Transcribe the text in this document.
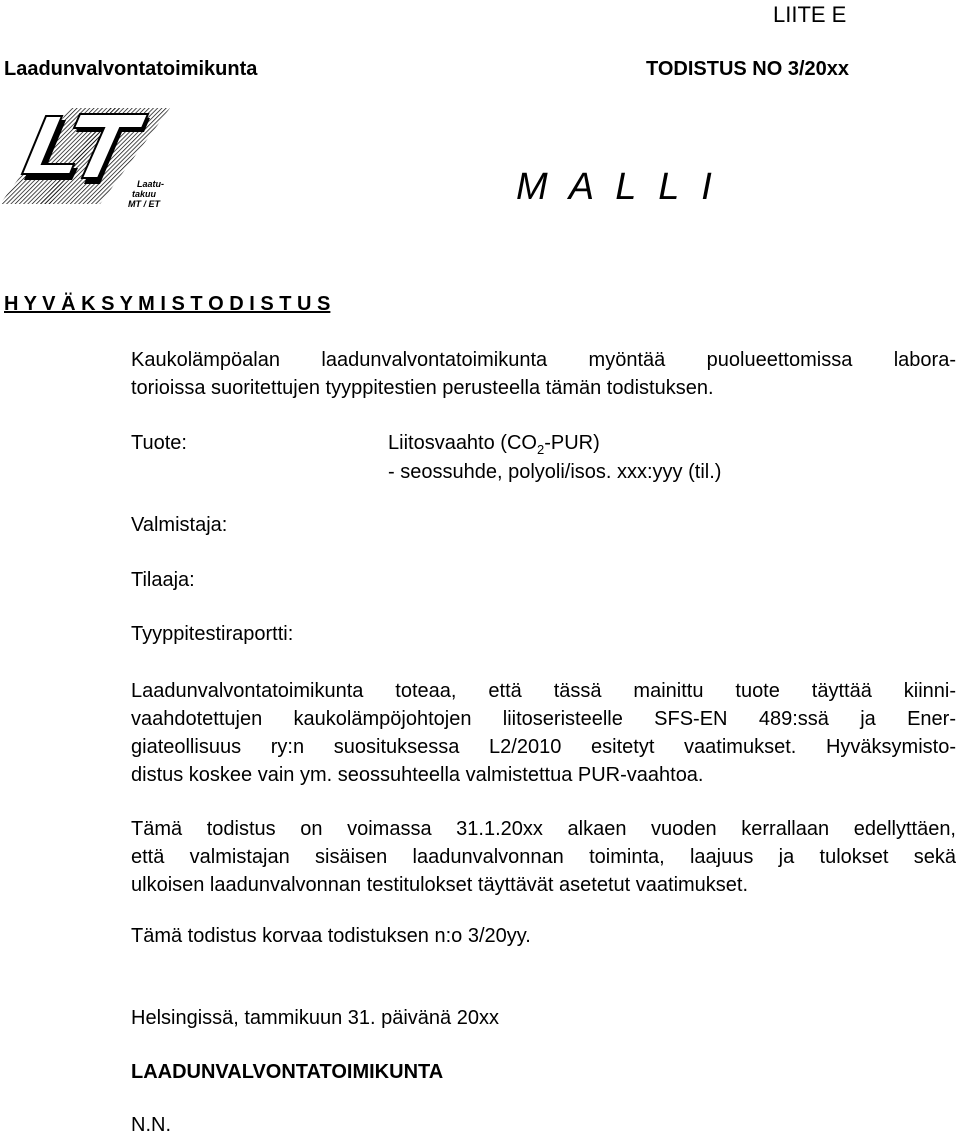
LIITE E
Laadunvalvontatoimikunta	TODISTUS NO 3/20xx
Laatu-
takuu
MT / ET	M A L L I
H Y V Ä K S Y M I S T O D I S T U S
Kaukolämpöalan laadunvalvontatoimikunta myöntää puolueettomissa labora-
torioissa suoritettujen tyyppitestien perusteella tämän todistuksen.
Tuote:	Liitosvaahto $(CO_2-PUR)$
- seossuhde, polyoli/isos. xxx:yyy (til.)
Valmistaja:
Tilaaja:
Tyyppitestiraportti:
Laadunvalvontatoimikunta toteaa, että tässä mainittu tuote täyttää kiinni-
vaahdotettujen kaukolämpöjohtojen liitoseristeelle SFS-EN 489:ssä ja Ener-
giateollisuus ry:n suosituksessa L2/2010 esitetyt vaatimukset. Hyväksymisto-
distus koskee vain ym. seossuhteella valmistettua PUR-vaahtoa.
Tämä todistus on voimassa 31.1.20xx alkaen vuoden kerrallaan edellyttäen,
että valmistajan sisäisen laadunvalvonnan toiminta, laajuus ja tulokset sekä
ulkoisen laadunvalvonnan testitulokset täyttävät asetetut vaatimukset.
Tämä todistus korvaa todistuksen n:o 3/20yy.
Helsingissä, tammikuun 31. päivänä 20xx
LAADUNVALVONTATOIMIKUNTA
N.N.
